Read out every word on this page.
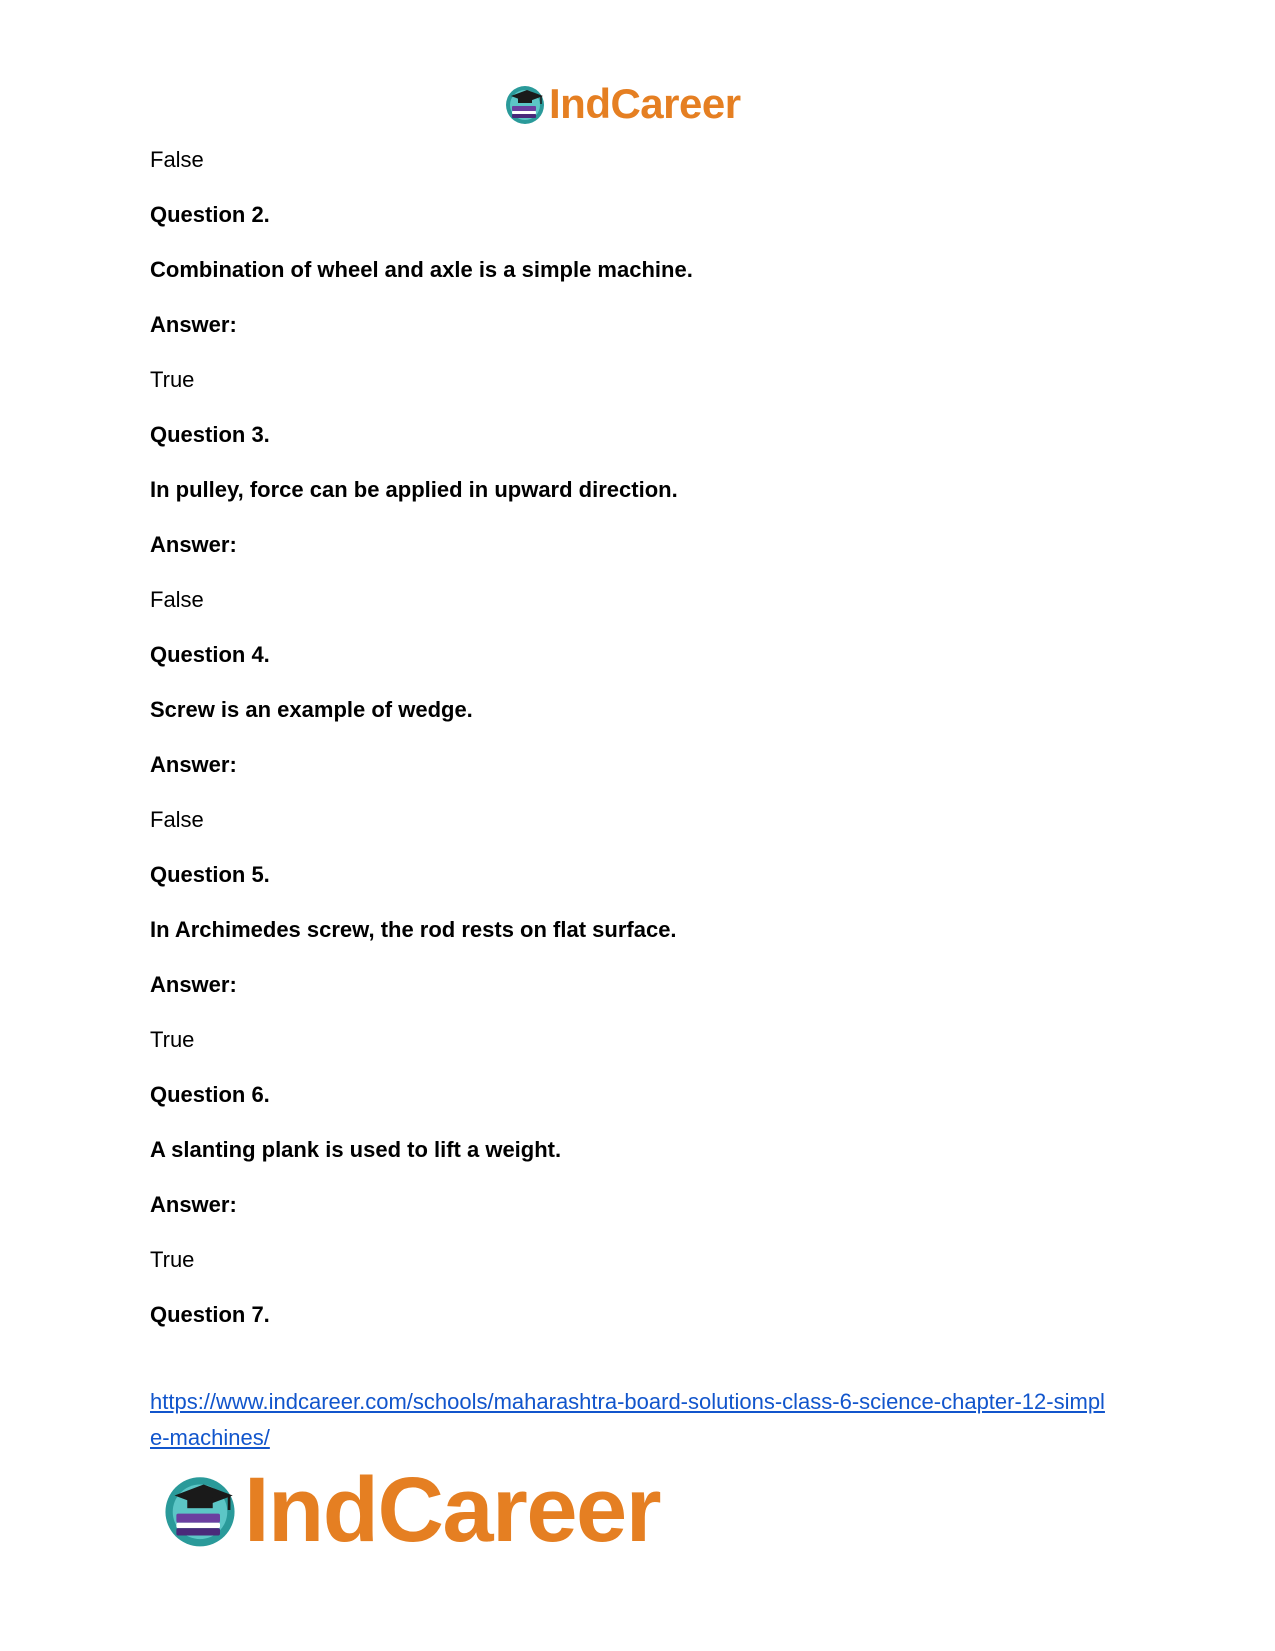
IndCareer
False
Question 2.
Combination of wheel and axle is a simple machine.
Answer:
True
Question 3.
In pulley, force can be applied in upward direction.
Answer:
False
Question 4.
Screw is an example of wedge.
Answer:
False
Question 5.
In Archimedes screw, the rod rests on flat surface.
Answer:
True
Question 6.
A slanting plank is used to lift a weight.
Answer:
True
Question 7.
https://www.indcareer.com/schools/maharashtra-board-solutions-class-6-science-chapter-12-simple-machines/
IndCareer
